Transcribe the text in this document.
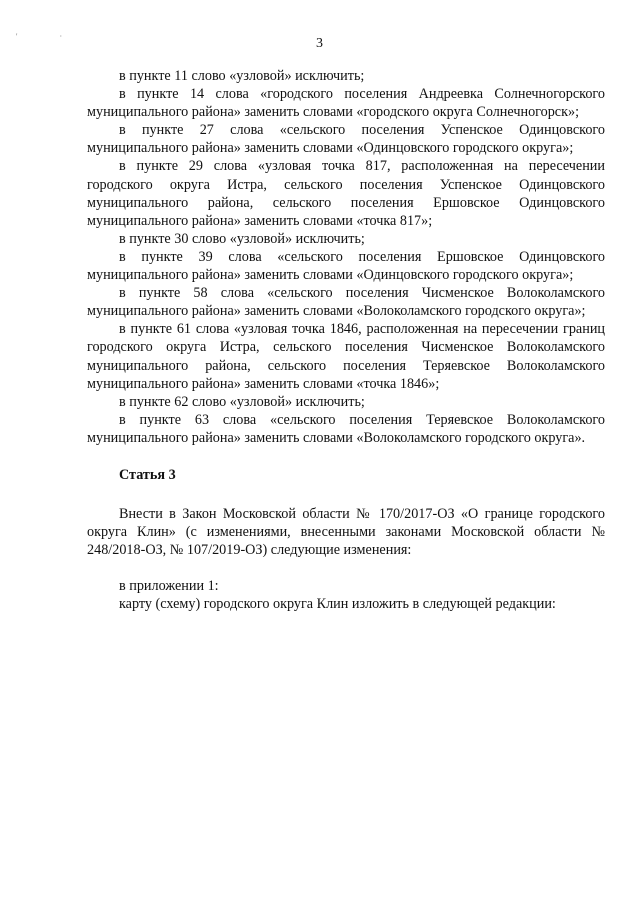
' ·	3

в пункте 11 слово «узловой» исключить;

в пункте 14 слова «городского поселения Андреевка Солнечногорского муниципального района» заменить словами «городского округа Солнечногорск»;

в пункте 27 слова «сельского поселения Успенское Одинцовского муниципального района» заменить словами «Одинцовского городского округа»;

в пункте 29 слова «узловая точка 817, расположенная на пересечении городского округа Истра, сельского поселения Успенское Одинцовского муниципального района, сельского поселения Ершовское Одинцовского муниципального района» заменить словами «точка 817»;

в пункте 30 слово «узловой» исключить;

в пункте 39 слова «сельского поселения Ершовское Одинцовского муниципального района» заменить словами «Одинцовского городского округа»;

в пункте 58 слова «сельского поселения Чисменское Волоколамского муниципального района» заменить словами «Волоколамского городского округа»;

в пункте 61 слова «узловая точка 1846, расположенная на пересечении границ городского округа Истра, сельского поселения Чисменское Волоколамского муниципального района, сельского поселения Теряевское Волоколамского муниципального района» заменить словами «точка 1846»;

в пункте 62 слово «узловой» исключить;

в пункте 63 слова «сельского поселения Теряевское Волоколамского муниципального района» заменить словами «Волоколамского городского округа».

Статья 3

Внести в Закон Московской области № 170/2017-ОЗ «О границе городского округа Клин» (с изменениями, внесенными законами Московской области № 248/2018-ОЗ, № 107/2019-ОЗ) следующие изменения:

в приложении 1:

карту (схему) городского округа Клин изложить в следующей редакции:
